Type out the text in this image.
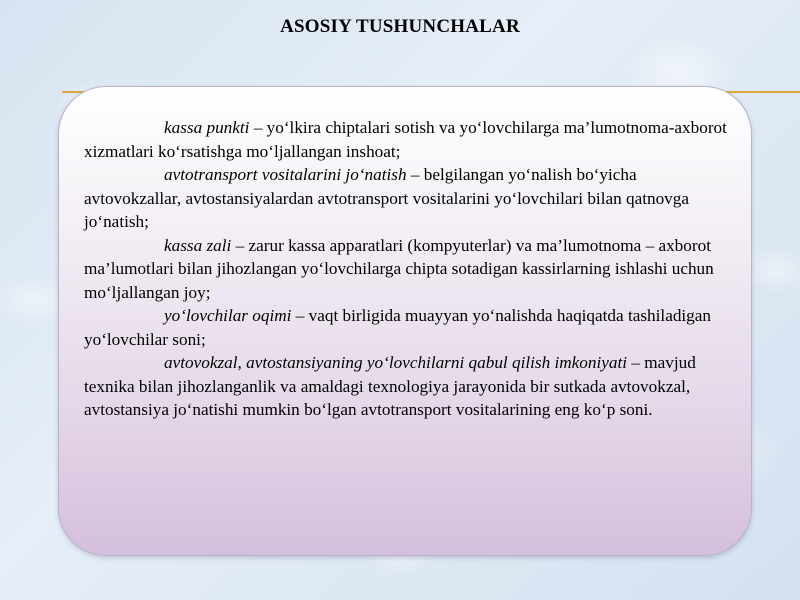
ASOSIY TUSHUNCHALAR

kassa punkti – yo‘lkira chiptalari sotish va yo‘lovchilarga ma’lumotnoma-axborot xizmatlari ko‘rsatishga mo‘ljallangan inshoat;

avtotransport vositalarini jo‘natish – belgilangan yo‘nalish bo‘yicha avtovokzallar, avtostansiyalardan avtotransport vositalarini yo‘lovchilari bilan qatnovga jo‘natish;

kassa zali – zarur kassa apparatlari (kompyuterlar) va ma’lumotnoma – axborot ma’lumotlari bilan jihozlangan yo‘lovchilarga chipta sotadigan kassirlarning ishlashi uchun mo‘ljallangan joy;

yo‘lovchilar oqimi – vaqt birligida muayyan yo‘nalishda haqiqatda tashiladigan yo‘lovchilar soni;

avtovokzal, avtostansiyaning yo‘lovchilarni qabul qilish imkoniyati – mavjud texnika bilan jihozlanganlik va amaldagi texnologiya jarayonida bir sutkada avtovokzal, avtostansiya jo‘natishi mumkin bo‘lgan avtotransport vositalarining eng ko‘p soni.
